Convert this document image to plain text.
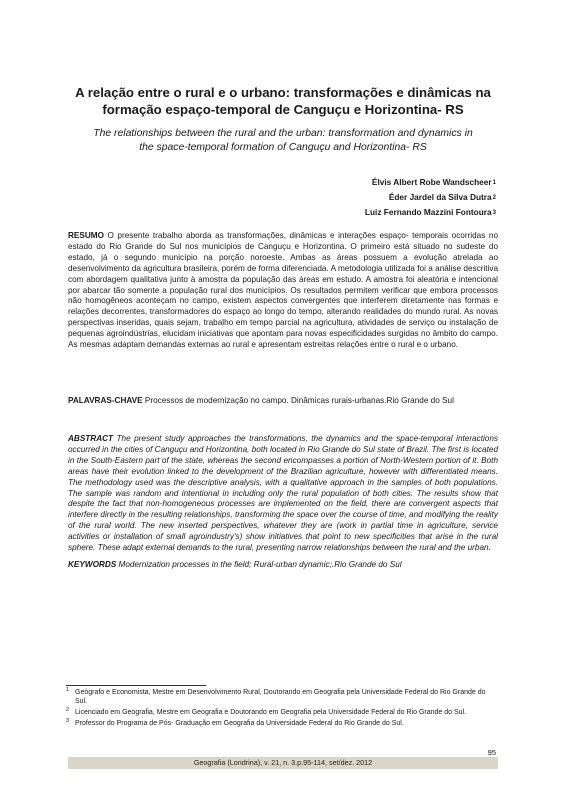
A relação entre o rural e o urbano: transformações e dinâmicas na
formação espaço-temporal de Canguçu e Horizontina- RS
The relationships between the rural and the urban: transformation and dynamics in
the space-temporal formation of Canguçu and Horizontina- RS
Élvis Albert Robe Wandscheer$^1$
Éder Jardel da Silva Dutra$^2$
Luiz Fernando Mazzini Fontoura$^3$

RESUMO O presente trabalho aborda as transformações, dinâmicas e interações espaço- temporais ocorridas no estado do Rio Grande do Sul nos municípios de Canguçu e Horizontina. O primeiro está situado no sudeste do estado, já o segundo município na porção noroeste. Ambas as áreas possuem a evolução atrelada ao desenvolvimento da agricultura brasileira, porém de forma diferenciada. A metodologia utilizada foi a análise descritiva com abordagem qualitativa junto à amostra da população das áreas em estudo. A amostra foi aleatória e intencional por abarcar tão somente a população rural dos municípios. Os resultados permitem verificar que embora processos não homogêneos aconteçam no campo, existem aspectos convergentes que interferem diretamente nas formas e relações decorrentes, transformadores do espaço ao longo do tempo, alterando realidades do mundo rural. As novas perspectivas inseridas, quais sejam, trabalho em tempo parcial na agricultura, atividades de serviço ou instalação de pequenas agroindústrias, elucidam iniciativas que apontam para novas especificidades surgidas no âmbito do campo. As mesmas adaptam demandas externas ao rural e apresentam estreitas relações entre o rural e o urbano.

PALAVRAS-CHAVE Processos de modernização no campo. Dinâmicas rurais-urbanas.Rio Grande do Sul

ABSTRACT The present study approaches the transformations, the dynamics and the space-temporal interactions occurred in the cities of Canguçu and Horizontina, both located in Rio Grande do Sul state of Brazil. The first is located in the South-Eastern part of the state, whereas the second encompasses a portion of North-Western portion of it. Both areas have their evolution linked to the development of the Brazilian agriculture, however with differentiated means. The methodology used was the descriptive analysis, with a qualitative approach in the samples of both populations. The sample was random and intentional in including only the rural population of both cities. The results show that despite the fact that non-homogeneous processes are implemented on the field, there are convergent aspects that interfere directly in the resulting relationships, transforming the space over the course of time, and modifying the reality of the rural world. The new inserted perspectives, whatever they are (work in partial time in agriculture, service activities or installation of small agroindustry's) show initiatives that point to new specificities that arise in the rural sphere. These adapt external demands to the rural, presenting narrow relationships between the rural and the urban.

KEYWORDS Modernization processes in the field; Rural-urban dynamic;.Rio Grande do Sul

1 Geógrafo e Economista, Mestre em Desenvolvimento Rural, Doutorando em Geografia pela Universidade Federal do Rio Grande do Sul.
2 Licenciado em Geografia, Mestre em Geografia e Doutorando em Geografia pela Universidade Federal do Rio Grande do Sul.
3 Professor do Programa de Pós- Graduação em Geografia da Universidade Federal do Rio Grande do Sul.
95
Geografia (Londrina), v. 21, n. 3.p.95-114, set/dez. 2012
